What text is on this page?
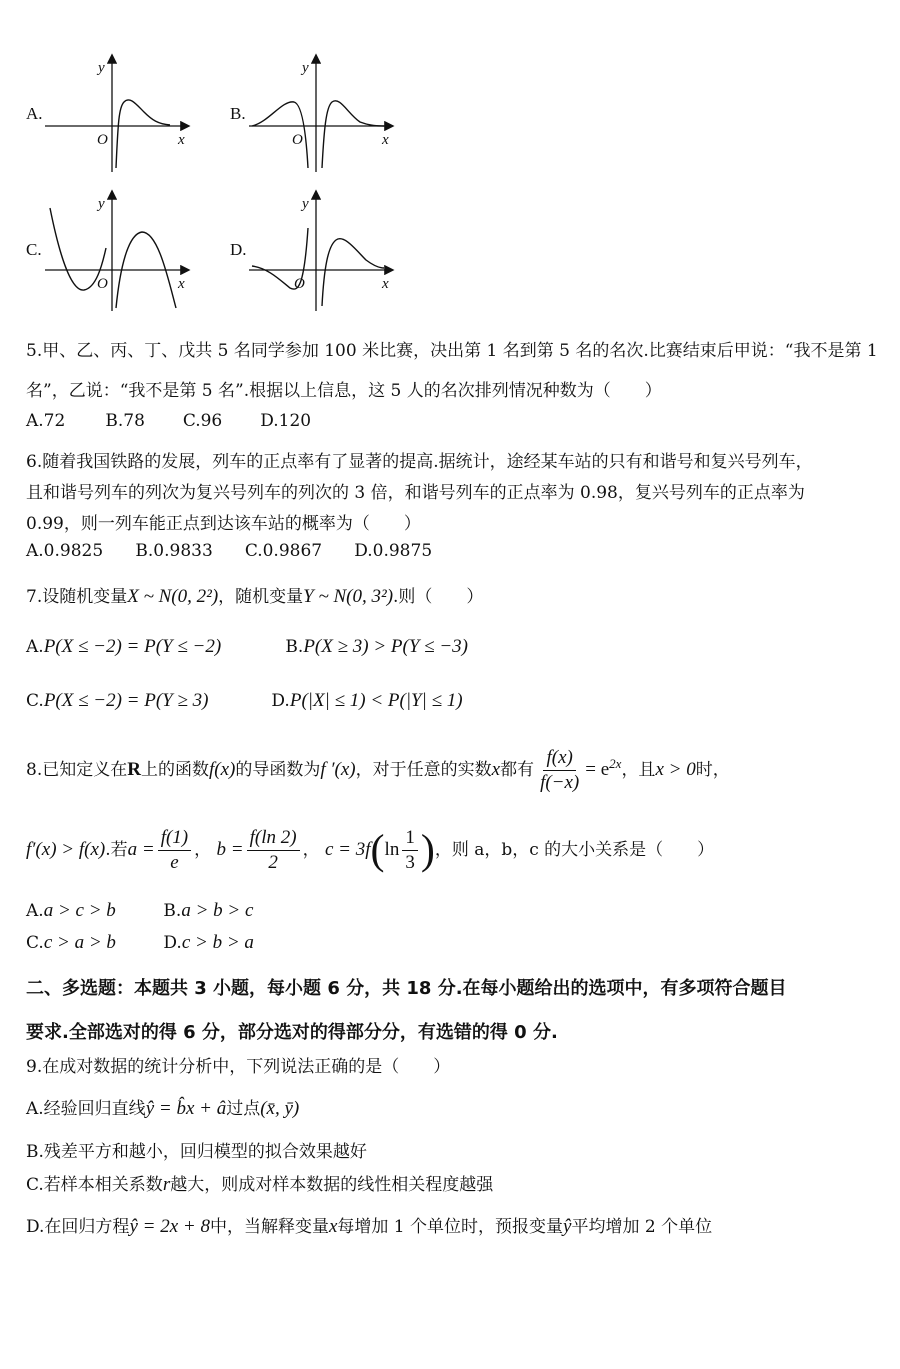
A.
y
x
O
B.
y
x
O
C.
y
x
O
D.
y
x
O
5.甲、乙、丙、丁、戊共 5 名同学参加 100 米比赛，决出第 1 名到第 5 名的名次.比赛结束后甲说：“我不是第 1
名”，乙说：“我不是第 5 名”.根据以上信息，这 5 人的名次排列情况种数为（　　）
A.72 B.78 C.96 D.120
6.随着我国铁路的发展，列车的正点率有了显著的提高.据统计，途经某车站的只有和谐号和复兴号列车，
且和谐号列车的列次为复兴号列车的列次的 3 倍，和谐号列车的正点率为 0.98，复兴号列车的正点率为
0.99，则一列车能正点到达该车站的概率为（　　）
A.0.9825 B.0.9833 C.0.9867 D.0.9875
7.设随机变量X ~ N(0, 2²)，随机变量Y ~ N(0, 3²).则（　　）
A.P(X ≤ −2) = P(Y ≤ −2)	B.P(X ≥ 3) > P(Y ≤ −3)
C.P(X ≤ −2) = P(Y ≥ 3)	D.P(|X| ≤ 1) < P(|Y| ≤ 1)
8.已知定义在R上的函数f(x)的导函数为f ′(x)，对于任意的实数x都有 $\frac{f(x)}{f(-x)} = e^{2x}$，且x > 0时，
f′(x) > f(x).若$a = \frac{f(1)}{e}$ ， $b = \frac{f(\ln 2)}{2}$ ， $c = 3f(\ln \frac{1}{3}$ )，则 a，b，c 的大小关系是（　　）
A.a > c > b	B.a > b > c
C.c > a > b	D.c > b > a
二、多选题：本题共 3 小题，每小题 6 分，共 18 分.在每小题给出的选项中，有多项符合题目
要求.全部选对的得 6 分，部分选对的得部分分，有选错的得 0 分.
9.在成对数据的统计分析中，下列说法正确的是（　　）
A.经验回归直线ŷ = b̂x + â过点(x̄, ȳ)
B.残差平方和越小，回归模型的拟合效果越好
C.若样本相关系数r越大，则成对样本数据的线性相关程度越强
D.在回归方程ŷ = 2x + 8中，当解释变量x每增加 1 个单位时，预报变量ŷ平均增加 2 个单位
